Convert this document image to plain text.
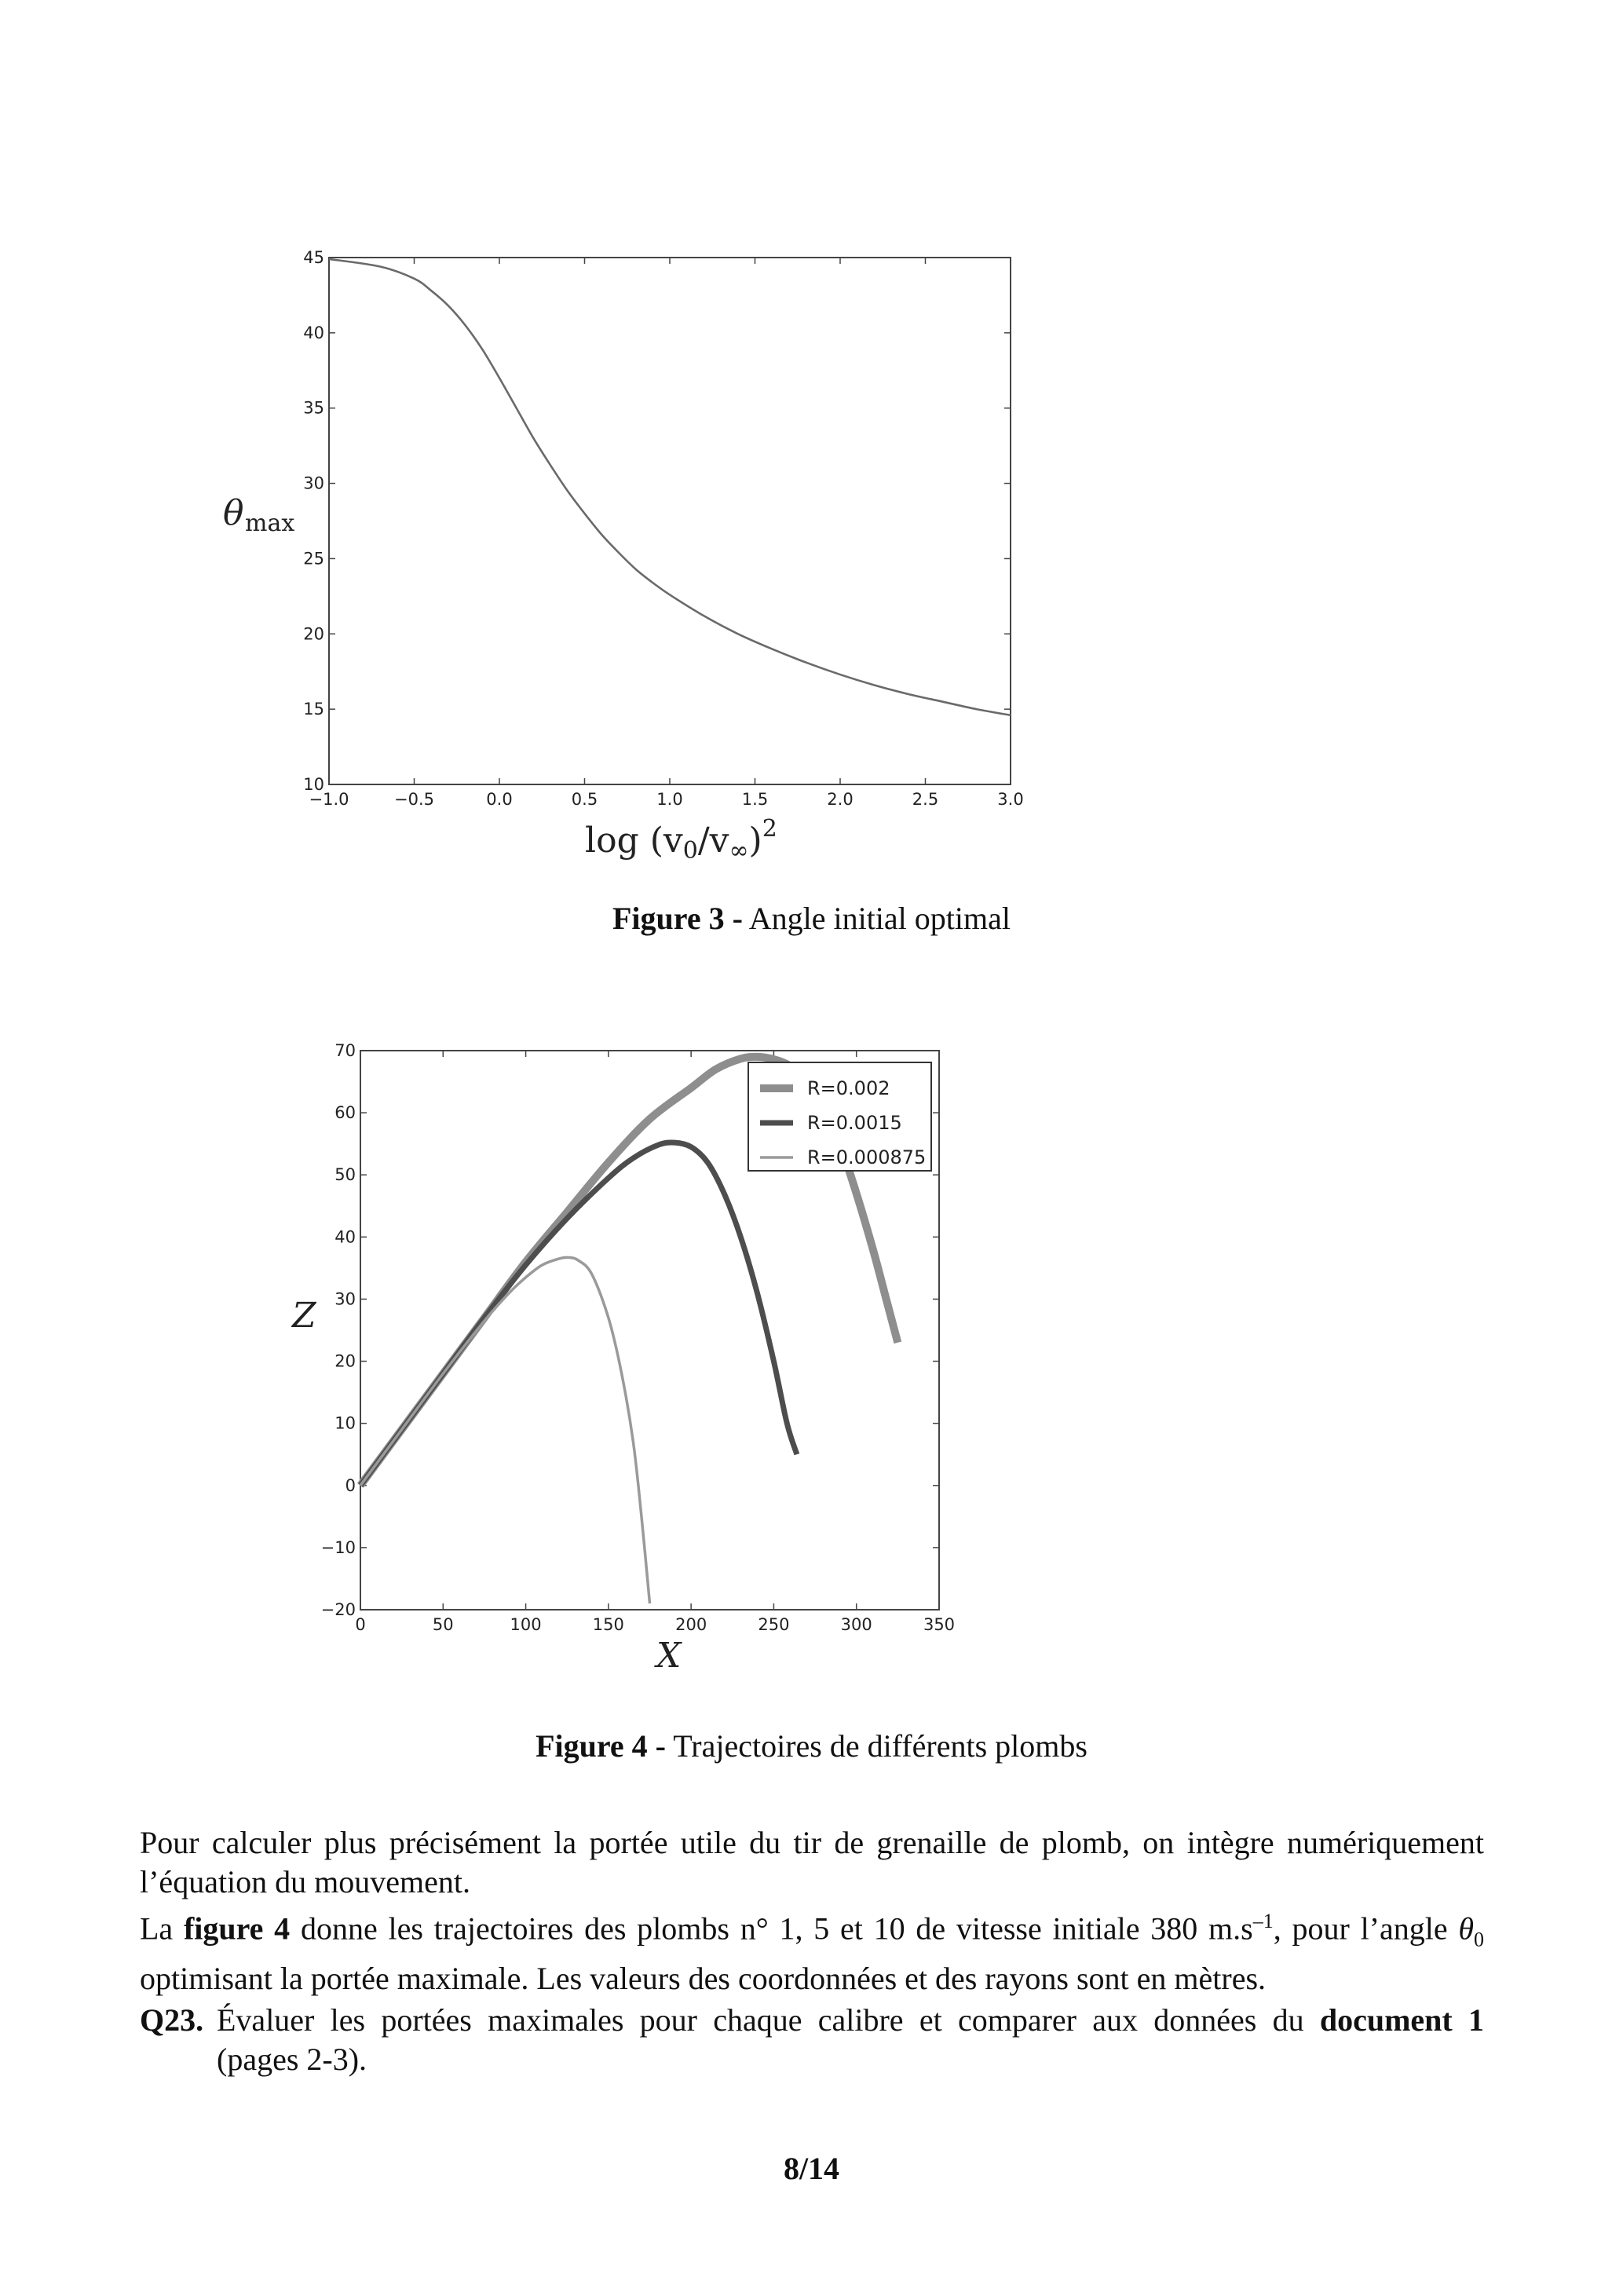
−1.0	−0.5	0.0	0.5	1.0	1.5	2.0	2.5	3.0
10
15
20
25
30
35
40
45
θ max
$\log (v0/v\infty)^2$
Figure 3 - Angle initial optimal
0	50	100	150	200	250	300	350
−20
−10
0
10
20
30
40
50
60
70
R=0.002
R=0.0015
R=0.000875
Z
X
Figure 4 - Trajectoires de différents plombs
Pour calculer plus précisément la portée utile du tir de grenaille de plomb, on intègre numériquement
l’équation du mouvement.
La figure 4 donne les trajectoires des plombs n° 1, 5 et 10 de vitesse initiale 380 $m.s^{-1}$, pour l’angle $\theta_0$
optimisant la portée maximale. Les valeurs des coordonnées et des rayons sont en mètres.
Q23. Évaluer les portées maximales pour chaque calibre et comparer aux données du document 1
(pages 2-3).
8/14
